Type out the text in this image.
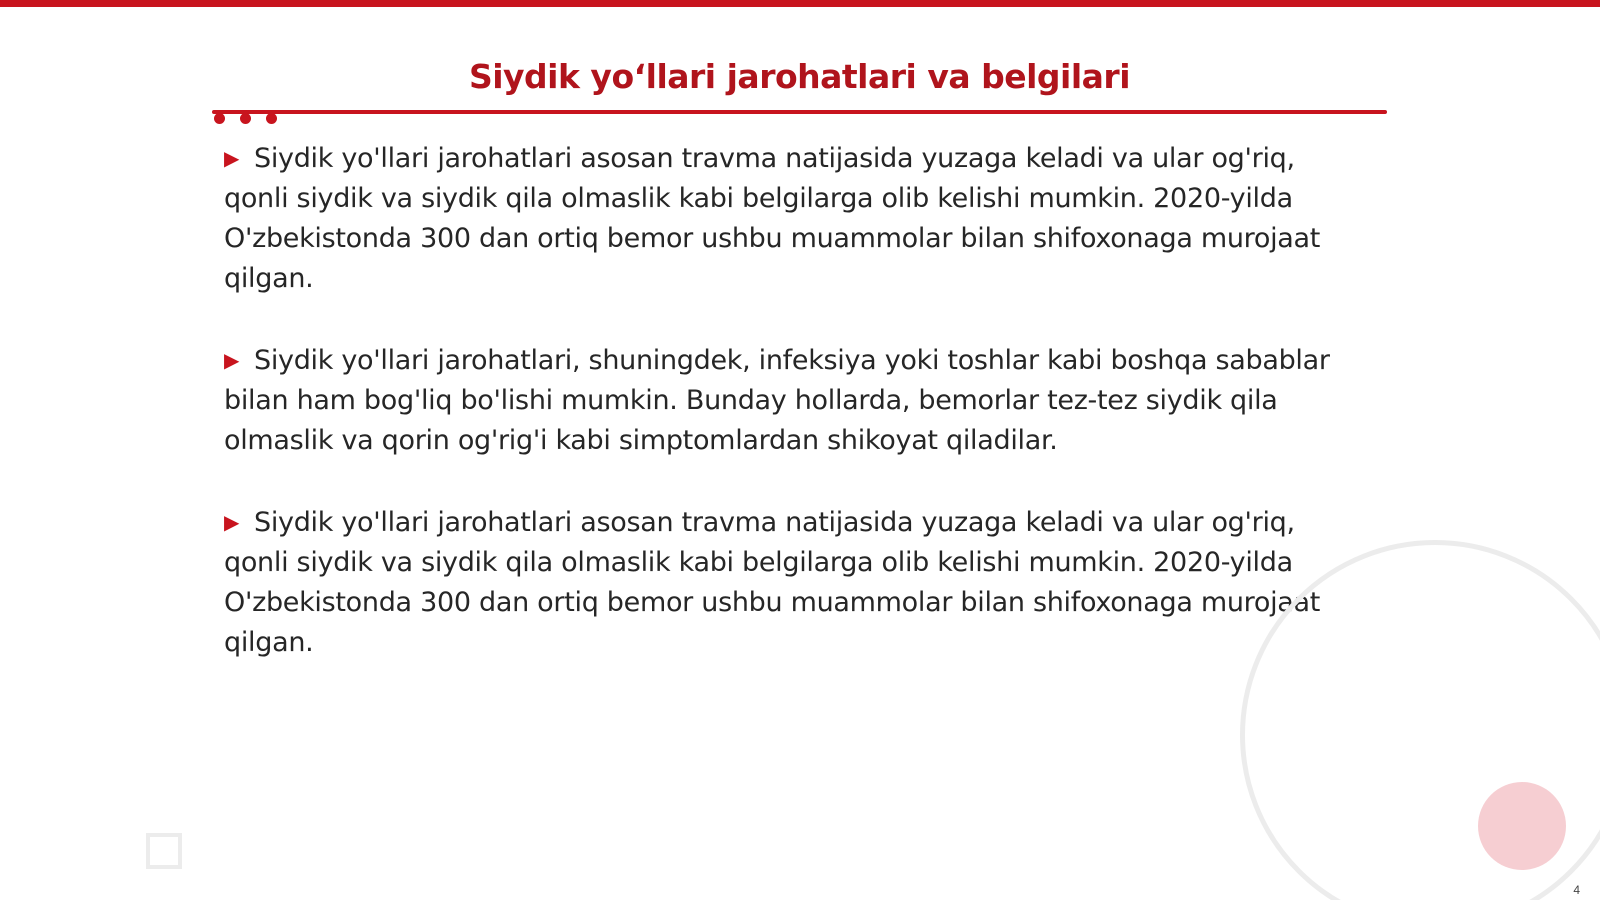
Siydik yo‘llari jarohatlari va belgilari

▶ Siydik yo'llari jarohatlari asosan travma natijasida yuzaga keladi va ular og'riq, qonli siydik va siydik qila olmaslik kabi belgilarga olib kelishi mumkin. 2020-yilda O'zbekistonda 300 dan ortiq bemor ushbu muammolar bilan shifoxonaga murojaat qilgan.

▶ Siydik yo'llari jarohatlari, shuningdek, infeksiya yoki toshlar kabi boshqa sabablar bilan ham bog'liq bo'lishi mumkin. Bunday hollarda, bemorlar tez-tez siydik qila olmaslik va qorin og'rig'i kabi simptomlardan shikoyat qiladilar.

▶ Siydik yo'llari jarohatlari asosan travma natijasida yuzaga keladi va ular og'riq, qonli siydik va siydik qila olmaslik kabi belgilarga olib kelishi mumkin. 2020-yilda O'zbekistonda 300 dan ortiq bemor ushbu muammolar bilan shifoxonaga murojaat qilgan.

4
